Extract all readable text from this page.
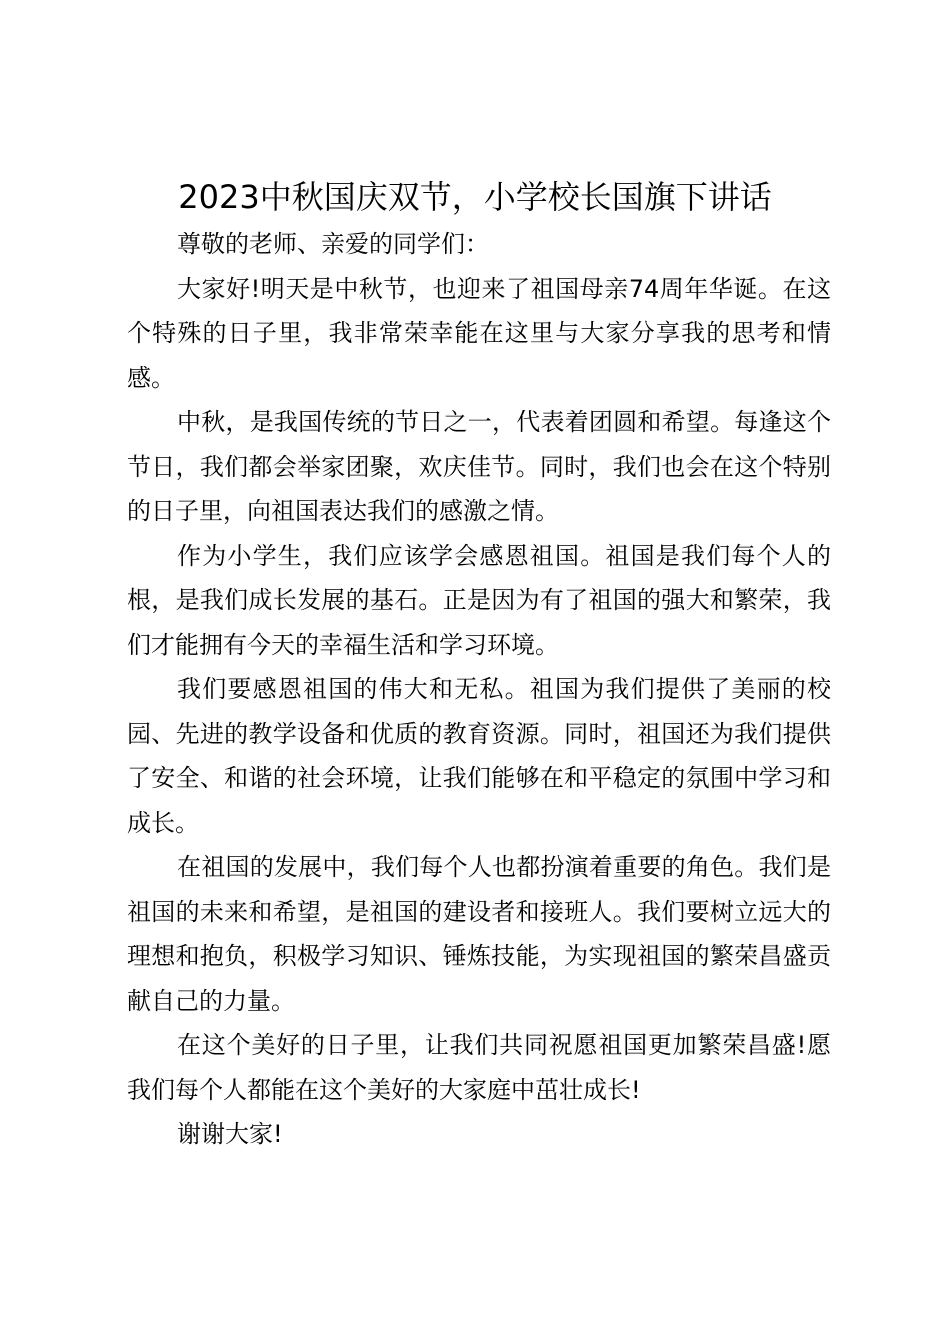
2023中秋国庆双节，小学校长国旗下讲话

尊敬的老师、亲爱的同学们：

大家好!明天是中秋节，也迎来了祖国母亲74周年华诞。在这个特殊的日子里，我非常荣幸能在这里与大家分享我的思考和情感。

中秋，是我国传统的节日之一，代表着团圆和希望。每逢这个节日，我们都会举家团聚，欢庆佳节。同时，我们也会在这个特别的日子里，向祖国表达我们的感激之情。

作为小学生，我们应该学会感恩祖国。祖国是我们每个人的根，是我们成长发展的基石。正是因为有了祖国的强大和繁荣，我们才能拥有今天的幸福生活和学习环境。

我们要感恩祖国的伟大和无私。祖国为我们提供了美丽的校园、先进的教学设备和优质的教育资源。同时，祖国还为我们提供了安全、和谐的社会环境，让我们能够在和平稳定的氛围中学习和成长。

在祖国的发展中，我们每个人也都扮演着重要的角色。我们是祖国的未来和希望，是祖国的建设者和接班人。我们要树立远大的理想和抱负，积极学习知识、锤炼技能，为实现祖国的繁荣昌盛贡献自己的力量。

在这个美好的日子里，让我们共同祝愿祖国更加繁荣昌盛!愿我们每个人都能在这个美好的大家庭中茁壮成长!

谢谢大家!
